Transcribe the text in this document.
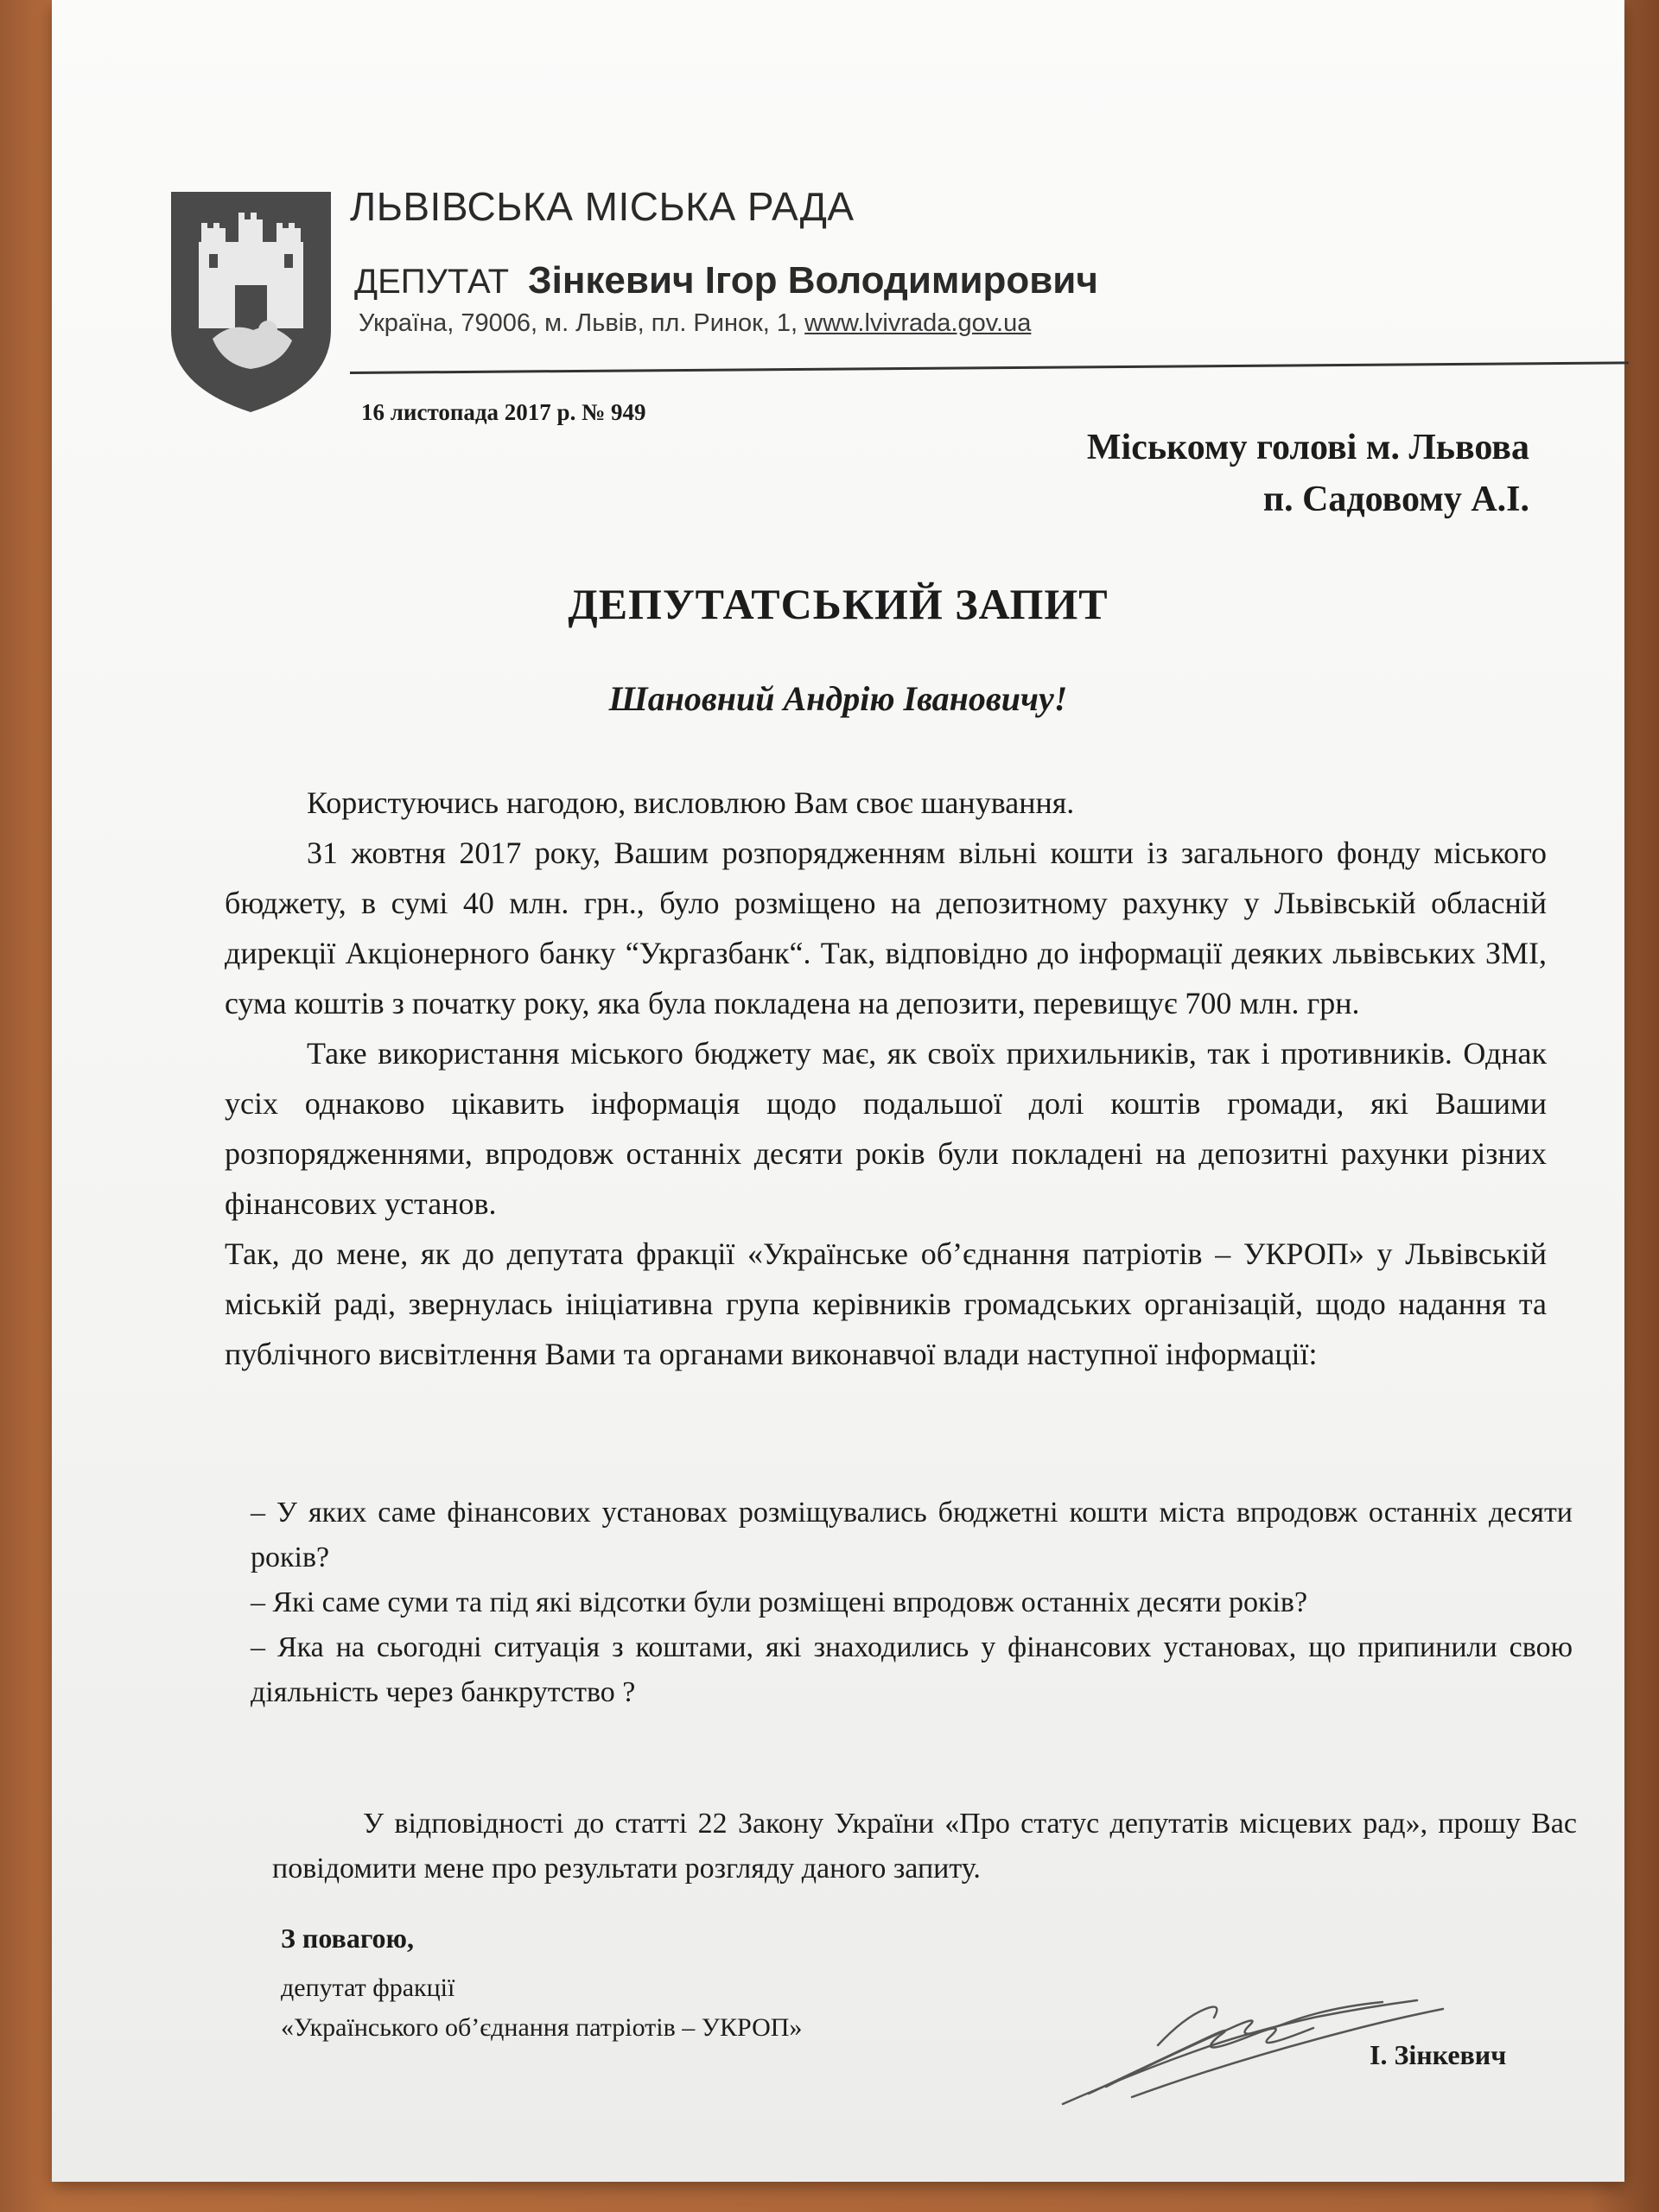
ЛЬВІВСЬКА МІСЬКА РАДА
ДЕПУТАТ Зінкевич Ігор Володимирович
Україна, 79006, м. Львів, пл. Ринок, 1, www.lvivrada.gov.ua
16 листопада 2017 р. № 949
Міському голові м. Львова
п. Садовому А.І.
ДЕПУТАТСЬКИЙ ЗАПИТ
Шановний Андрію Івановичу!

Користуючись нагодою, висловлюю Вам своє шанування.

31 жовтня 2017 року, Вашим розпорядженням вільні кошти із загального фонду міського бюджету, в сумі 40 млн. грн., було розміщено на депозитному рахунку у Львівській обласній дирекції Акціонерного банку “Укргазбанк“. Так, відповідно до інформації деяких львівських ЗМІ, сума коштів з початку року, яка була покладена на депозити, перевищує 700 млн. грн.

Таке використання міського бюджету має, як своїх прихильників, так і противників. Однак усіх однаково цікавить інформація щодо подальшої долі коштів громади, які Вашими розпорядженнями, впродовж останніх десяти років були покладені на депозитні рахунки різних фінансових установ.

Так, до мене, як до депутата фракції «Українське об’єднання патріотів – УКРОП» у Львівській міській раді, звернулась ініціативна група керівників громадських організацій, щодо надання та публічного висвітлення Вами та органами виконавчої влади наступної інформації:

– У яких саме фінансових установах розміщувались бюджетні кошти міста впродовж останніх десяти років?

– Які саме суми та під які відсотки були розміщені впродовж останніх десяти років?

– Яка на сьогодні ситуація з коштами, які знаходились у фінансових установах, що припинили свою діяльність через банкрутство ?

У відповідності до статті 22 Закону України «Про статус депутатів місцевих рад», прошу Вас повідомити мене про результати розгляду даного запиту.
З повагою,
депутат фракції
«Українського об’єднання патріотів – УКРОП»
І. Зінкевич
